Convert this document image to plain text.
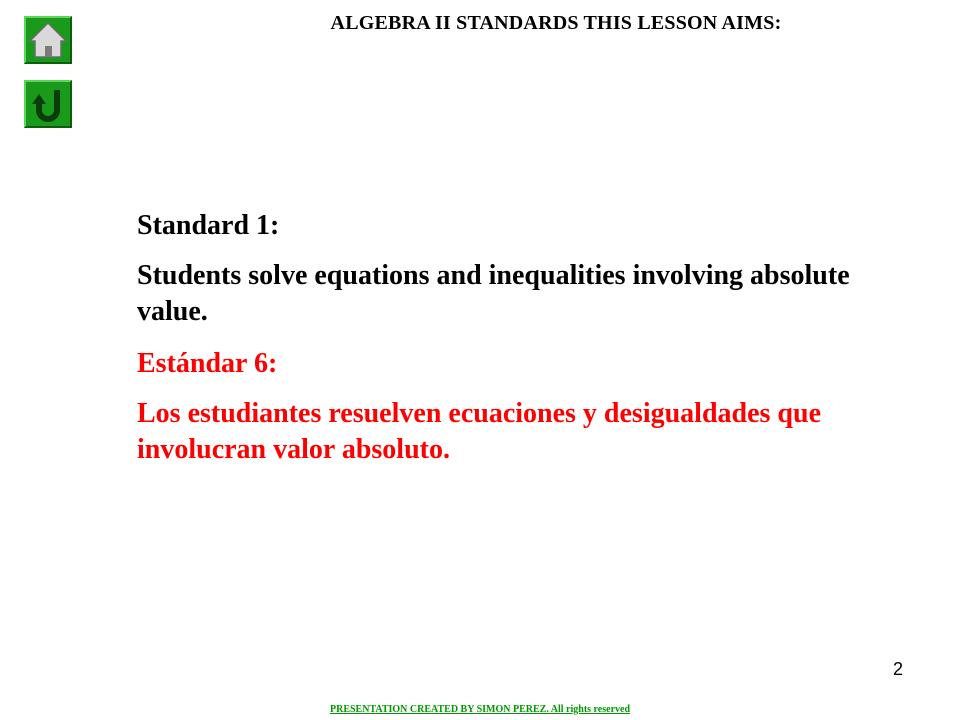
ALGEBRA II STANDARDS THIS LESSON AIMS:

Standard 1:

Students solve equations and inequalities involving absolute value.

Estándar 6:

Los estudiantes resuelven ecuaciones y desigualdades que involucran valor absoluto.

2
PRESENTATION CREATED BY SIMON PEREZ. All rights reserved
